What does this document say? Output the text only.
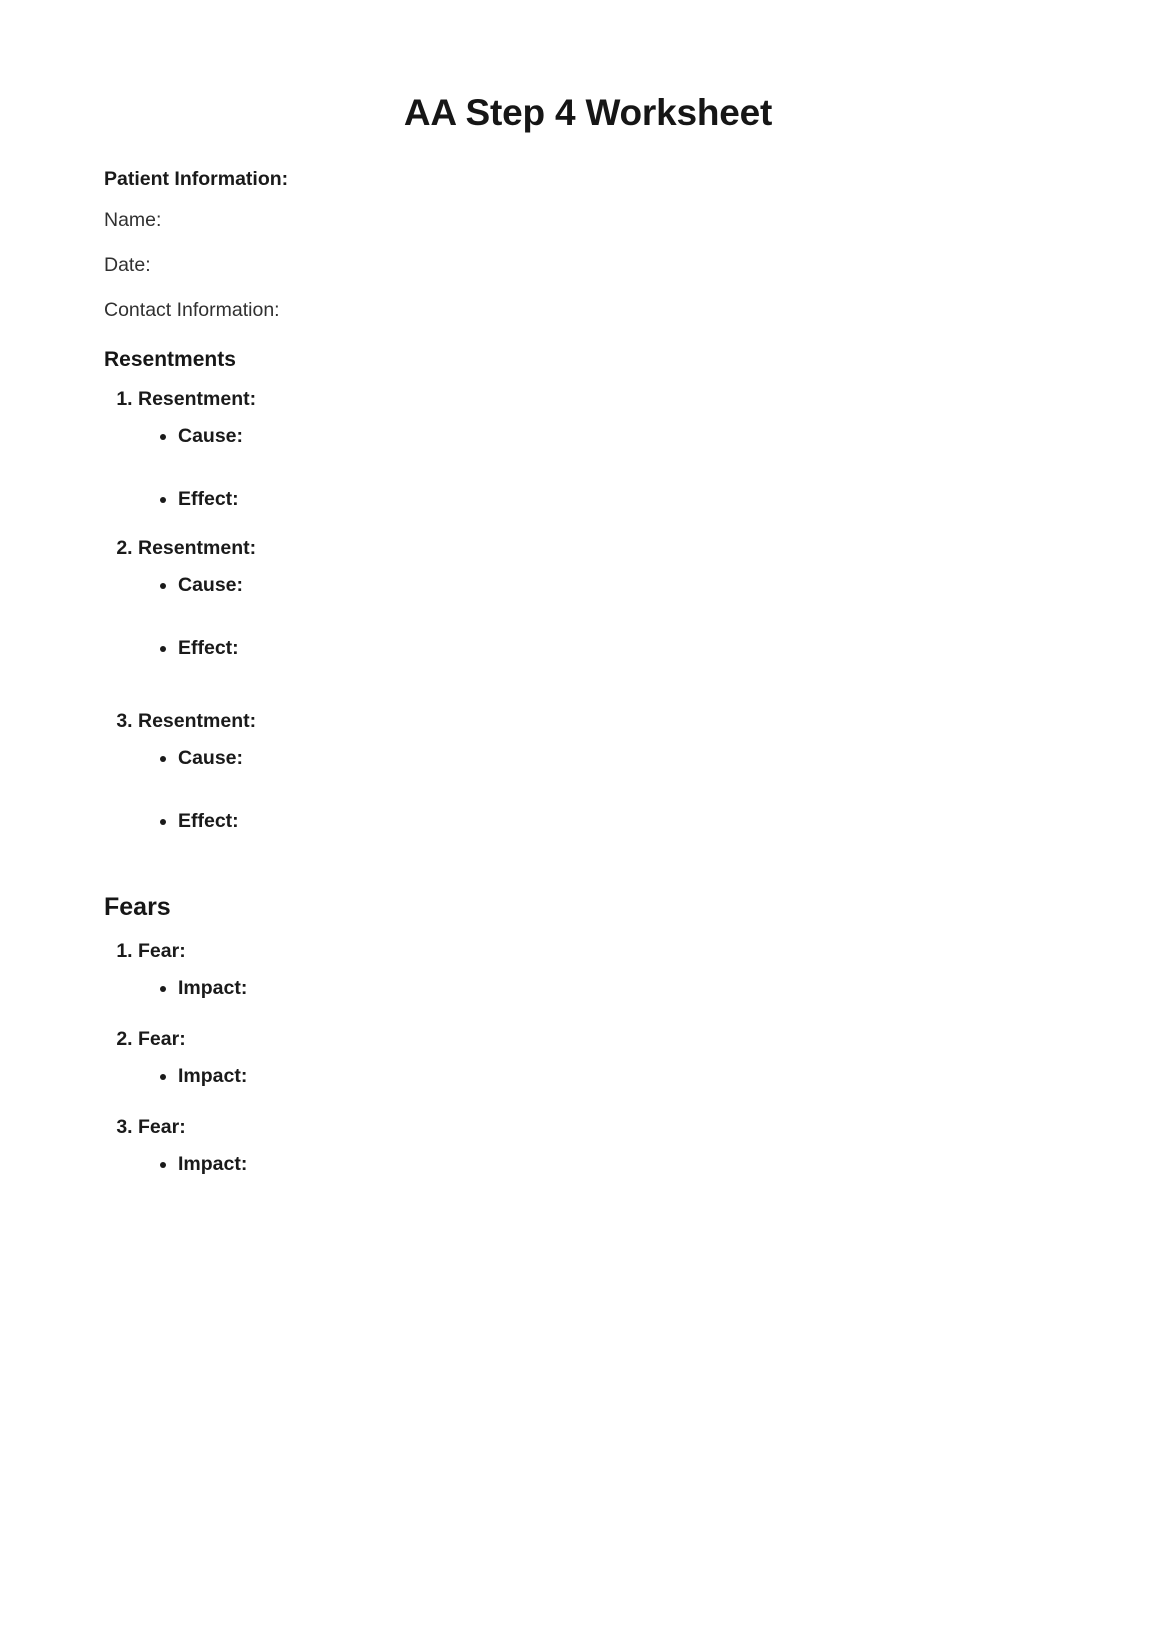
AA Step 4 Worksheet
Patient Information:
Name:
Date:
Contact Information:
Resentments
1. Resentment:
• Cause:
• Effect:
2. Resentment:
• Cause:
• Effect:
3. Resentment:
• Cause:
• Effect:
Fears
1. Fear:
• Impact:
2. Fear:
• Impact:
3. Fear:
• Impact:
